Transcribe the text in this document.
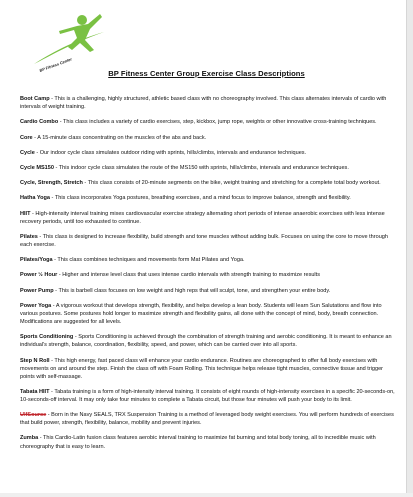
BP Fitness Center
BP Fitness Center Group Exercise Class Descriptions
Boot Camp - This is a challenging, highly structured, athletic based class with no choreography involved. This class alternates intervals of cardio with intervals of weight training.
Cardio Combo - This class includes a variety of cardio exercises, step, kickbox, jump rope, weights or other innovative cross-training techniques.
Core - A 15-minute class concentrating on the muscles of the abs and back.
Cycle - Our indoor cycle class simulates outdoor riding with sprints, hills/climbs, intervals and endurance techniques.
Cycle MS150 - This indoor cycle class simulates the route of the MS150 with sprints, hills/climbs, intervals and endurance techniques.
Cycle, Strength, Stretch - This class consists of 20-minute segments on the bike, weight training and stretching for a complete total body workout.
Hatha Yoga - This class incorporates Yoga postures, breathing exercises, and a mind focus to improve balance, strength and flexibility.
HIIT - High-intensity interval training mixes cardiovascular exercise strategy alternating short periods of intense anaerobic exercises with less intense recovery periods, until too exhausted to continue.
Pilates - This class is designed to increase flexibility, build strength and tone muscles without adding bulk. Focuses on using the core to move through each exercise.
Pilates/Yoga - This class combines techniques and movements form Mat Pilates and Yoga.
Power ½ Hour - Higher and intense level class that uses intense cardio intervals with strength training to maximize results
Power Pump - This is barbell class focuses on low weight and high reps that will sculpt, tone, and strengthen your entire body.
Power Yoga - A vigorous workout that develops strength, flexibility, and helps develop a lean body. Students will learn Sun Salutations and flow into various postures. Some postures hold longer to maximize strength and flexibility gains, all done with the concept of mind, body, breath connection. Modifications are suggested for all levels.
Sports Conditioning - Sports Conditioning is achieved through the combination of strength training and aerobic conditioning. It is meant to enhance an individual's strength, balance, coordination, flexibility, speed, and power, which can be carried over into all sports.
Step N Roll - This high energy, fast paced class will enhance your cardio endurance. Routines are choreographed to offer full body exercises with movements on and around the step. Finish the class off with Foam Rolling. This technique helps release tight muscles, connective tissue and trigger points with self-massage.
Tabata HIIT - Tabata training is a form of high-intensity interval training. It consists of eight rounds of high-intensity exercises in a specific 20-seconds-on, 10-seconds-off interval. It may only take four minutes to complete a Tabata circuit, but those four minutes will push your body to its limit.
UlfSource - Born in the Navy SEALS, TRX Suspension Training is a method of leveraged body weight exercises. You will perform hundreds of exercises that build power, strength, flexibility, balance, mobility and prevent injuries.
Zumba - This Cardio-Latin fusion class features aerobic interval training to maximize fat burning and total body toning, all to incredible music with choreography that is easy to learn.
